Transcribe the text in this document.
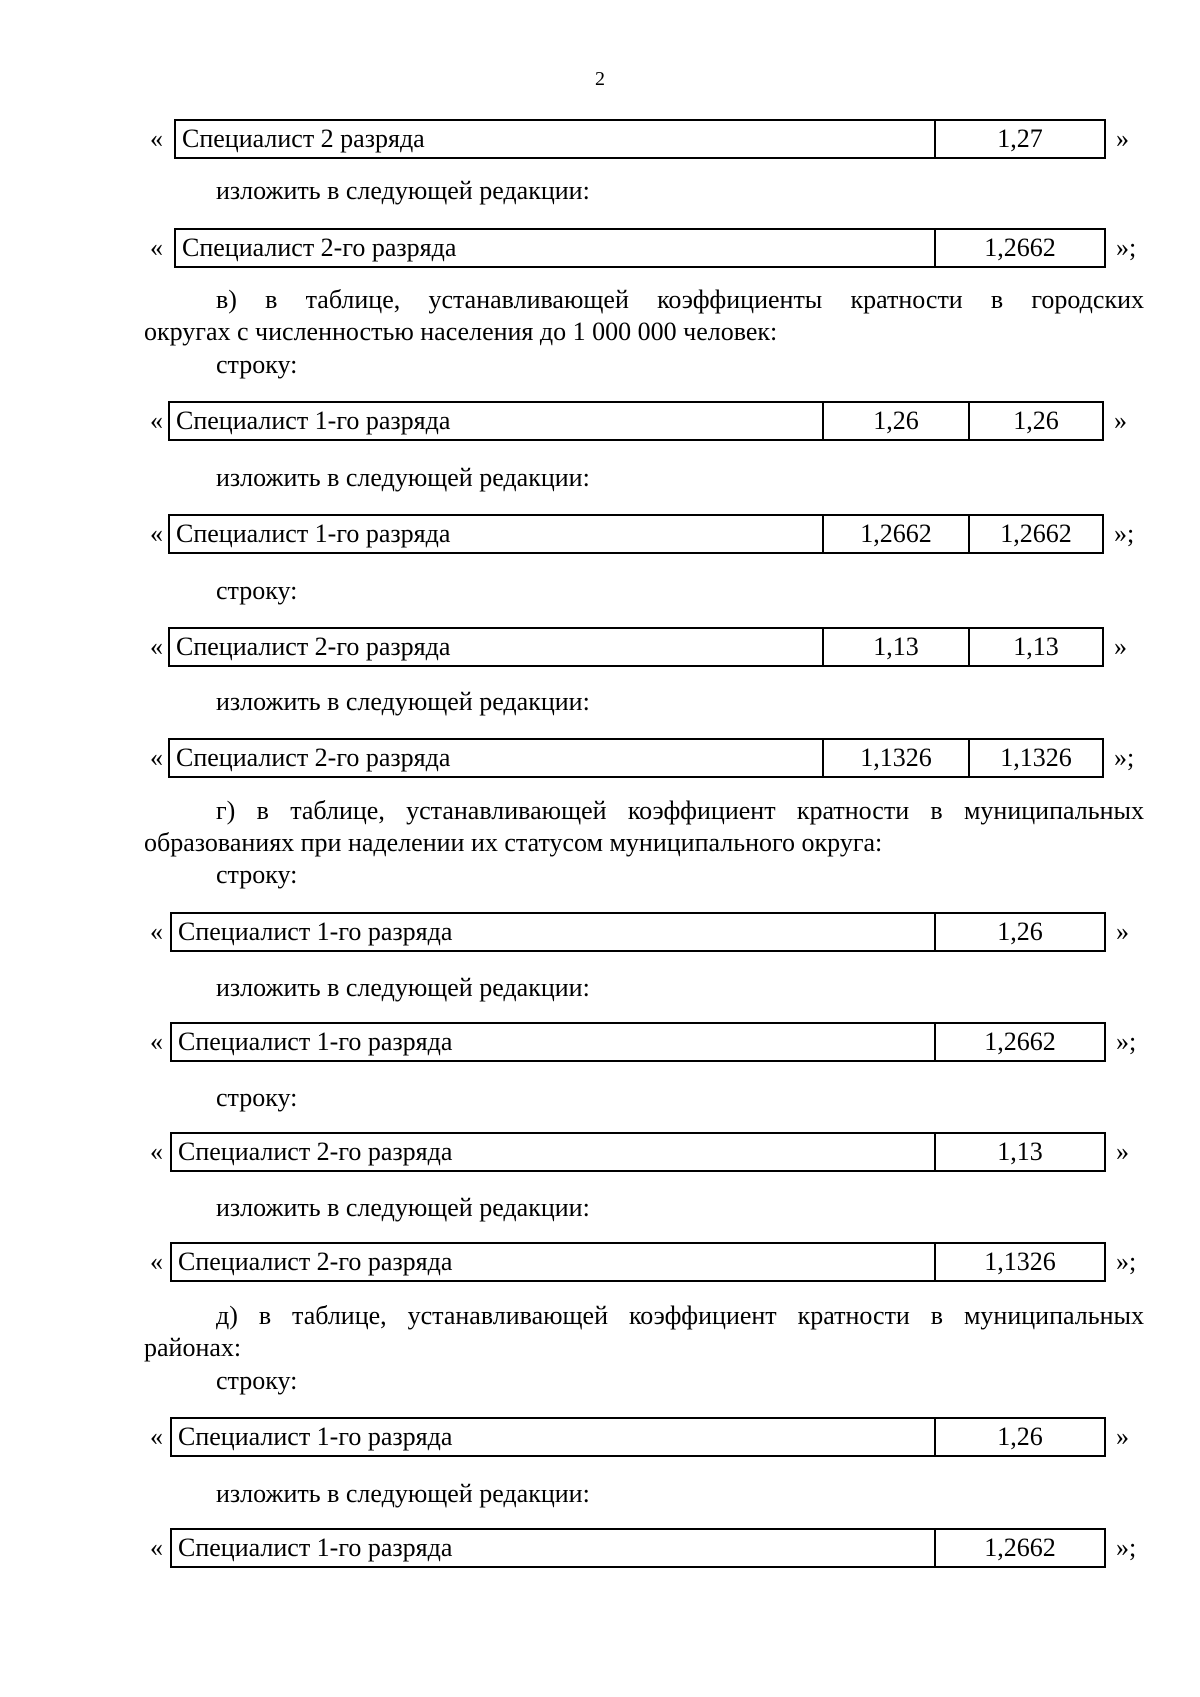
2
« Специалист 2 разряда	1,27	»
изложить в следующей редакции:
« Специалист 2-го разряда	1,2662	»;
в) в таблице, устанавливающей коэффициенты кратности в городских
округах с численностью населения до 1 000 000 человек:
строку:
« Специалист 1-го разряда	1,26	1,26	»
изложить в следующей редакции:
« Специалист 1-го разряда	1,2662	1,2662	»;
строку:
« Специалист 2-го разряда	1,13	1,13	»
изложить в следующей редакции:
« Специалист 2-го разряда	1,1326	1,1326	»;
г) в таблице, устанавливающей коэффициент кратности в муниципальных
образованиях при наделении их статусом муниципального округа:
строку:
« Специалист 1-го разряда	1,26	»
изложить в следующей редакции:
« Специалист 1-го разряда	1,2662	»;
строку:
« Специалист 2-го разряда	1,13	»
изложить в следующей редакции:
« Специалист 2-го разряда	1,1326	»;
д) в таблице, устанавливающей коэффициент кратности в муниципальных
районах:
строку:
« Специалист 1-го разряда	1,26	»
изложить в следующей редакции:
« Специалист 1-го разряда	1,2662	»;
